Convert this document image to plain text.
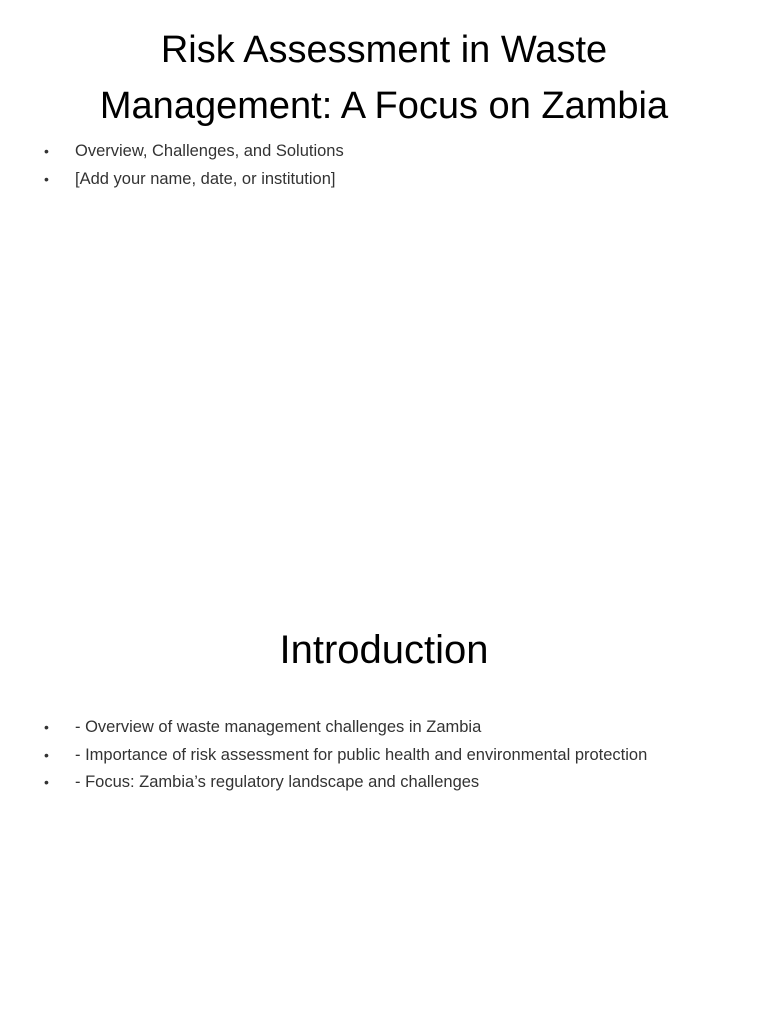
Risk Assessment in Waste
Management: A Focus on Zambia
• Overview, Challenges, and Solutions
• [Add your name, date, or institution]
Introduction
• - Overview of waste management challenges in Zambia
• - Importance of risk assessment for public health and environmental protection
• - Focus: Zambia’s regulatory landscape and challenges
